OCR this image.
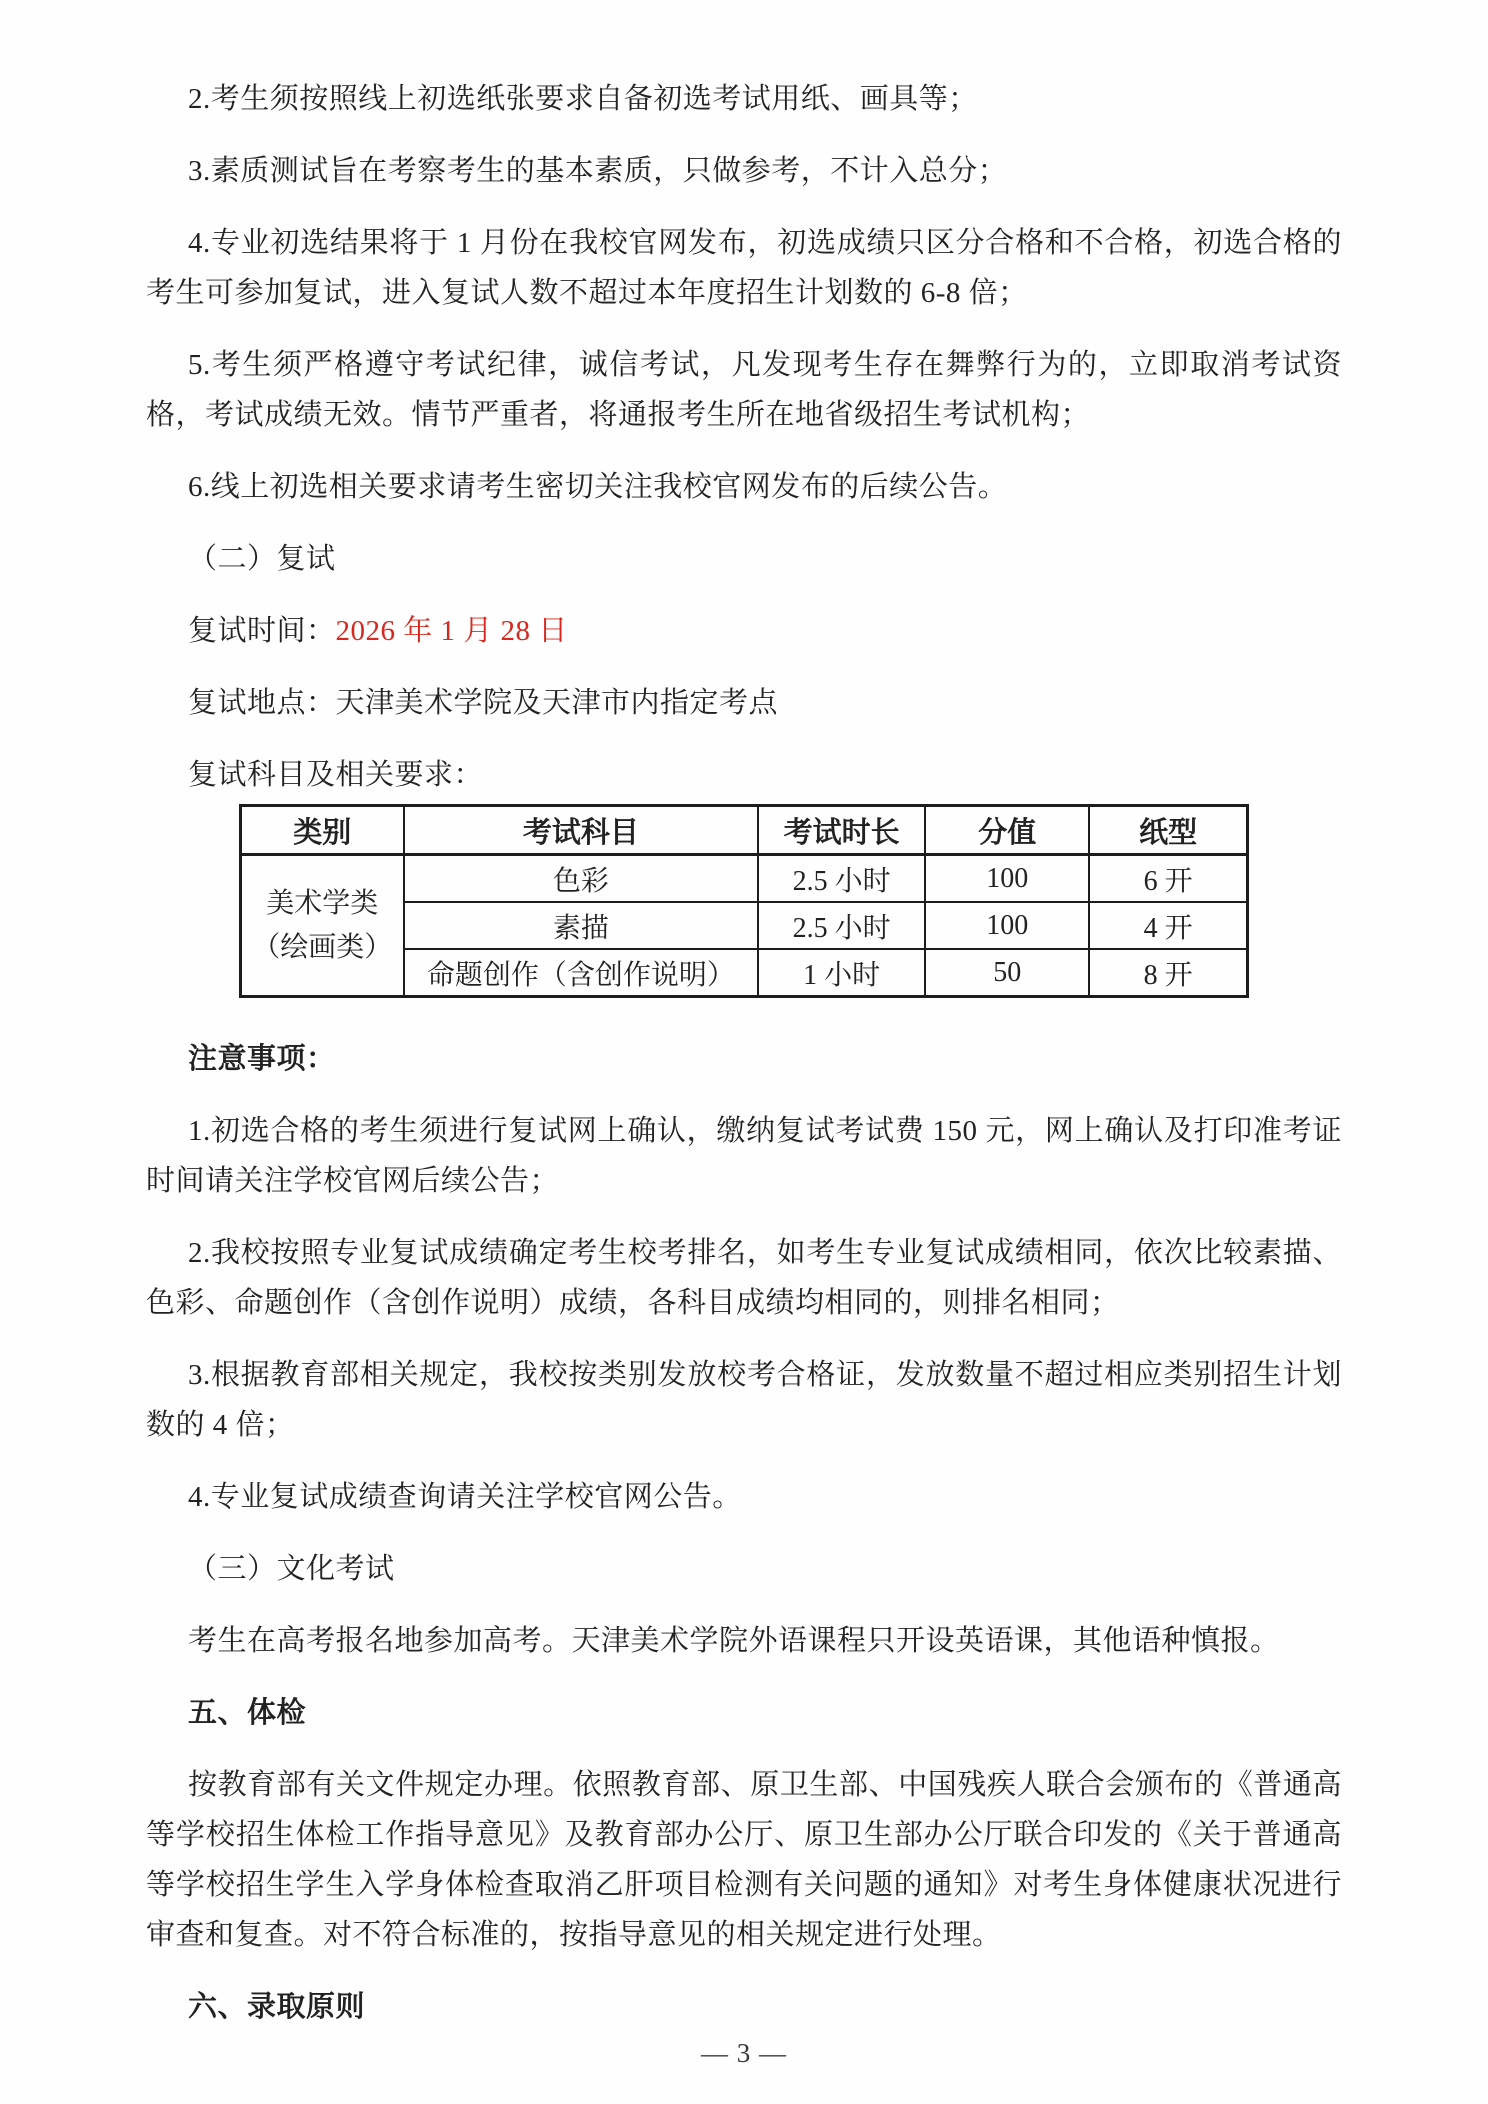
2.考生须按照线上初选纸张要求自备初选考试用纸、画具等；

3.素质测试旨在考察考生的基本素质，只做参考，不计入总分；

4.专业初选结果将于 1 月份在我校官网发布，初选成绩只区分合格和不合格，初选合格的考生可参加复试，进入复试人数不超过本年度招生计划数的 6-8 倍；

5.考生须严格遵守考试纪律，诚信考试，凡发现考生存在舞弊行为的，立即取消考试资格，考试成绩无效。情节严重者，将通报考生所在地省级招生考试机构；

6.线上初选相关要求请考生密切关注我校官网发布的后续公告。

（二）复试

复试时间：2026 年 1 月 28 日

复试地点：天津美术学院及天津市内指定考点

复试科目及相关要求：

类别	考试科目	考试时长	分值	纸型

美术学类
（绘画类）	色彩	2.5 小时	100	6 开
	素描	2.5 小时	100	4 开
	命题创作（含创作说明）	1 小时	50	8 开

注意事项：

1.初选合格的考生须进行复试网上确认，缴纳复试考试费 150 元，网上确认及打印准考证时间请关注学校官网后续公告；

2.我校按照专业复试成绩确定考生校考排名，如考生专业复试成绩相同，依次比较素描、色彩、命题创作（含创作说明）成绩，各科目成绩均相同的，则排名相同；

3.根据教育部相关规定，我校按类别发放校考合格证，发放数量不超过相应类别招生计划数的 4 倍；

4.专业复试成绩查询请关注学校官网公告。

（三）文化考试

考生在高考报名地参加高考。天津美术学院外语课程只开设英语课，其他语种慎报。

五、体检

按教育部有关文件规定办理。依照教育部、原卫生部、中国残疾人联合会颁布的《普通高等学校招生体检工作指导意见》及教育部办公厅、原卫生部办公厅联合印发的《关于普通高等学校招生学生入学身体检查取消乙肝项目检测有关问题的通知》对考生身体健康状况进行审查和复查。对不符合标准的，按指导意见的相关规定进行处理。

六、录取原则

— 3 —
